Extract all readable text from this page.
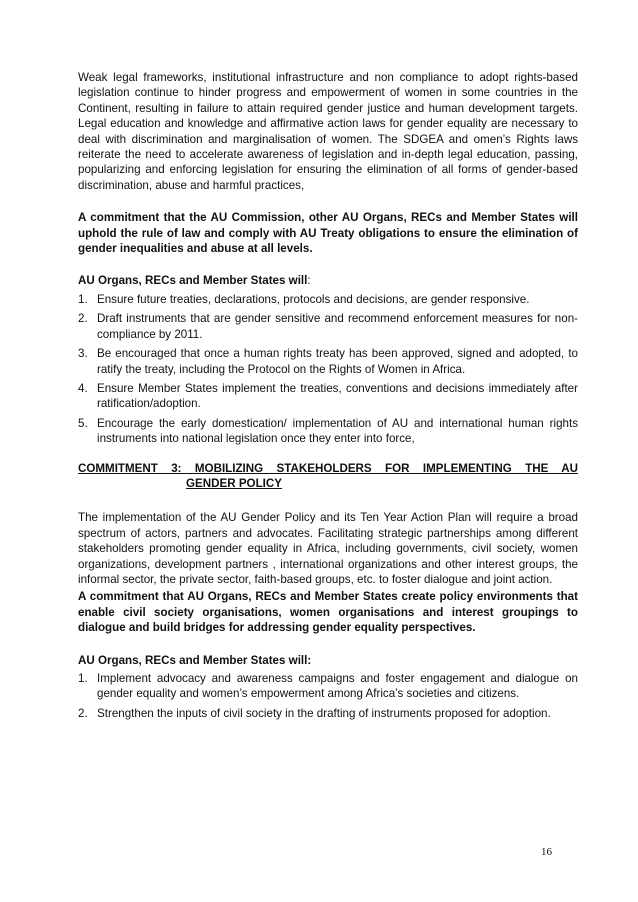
Weak legal frameworks, institutional infrastructure and non compliance to adopt rights-based legislation continue to hinder progress and empowerment of women in some countries in the Continent, resulting in failure to attain required gender justice and human development targets. Legal education and knowledge and affirmative action laws for gender equality are necessary to deal with discrimination and marginalisation of women. The SDGEA and omen’s Rights laws reiterate the need to accelerate awareness of legislation and in-depth legal education, passing, popularizing and enforcing legislation for ensuring the elimination of all forms of gender-based discrimination, abuse and harmful practices,

A commitment that the AU Commission, other AU Organs, RECs and Member States will uphold the rule of law and comply with AU Treaty obligations to ensure the elimination of gender inequalities and abuse at all levels.

AU Organs, RECs and Member States will:

1. Ensure future treaties, declarations, protocols and decisions, are gender responsive.
2. Draft instruments that are gender sensitive and recommend enforcement measures for non-compliance by 2011.
3. Be encouraged that once a human rights treaty has been approved, signed and adopted, to ratify the treaty, including the Protocol on the Rights of Women in Africa.
4. Ensure Member States implement the treaties, conventions and decisions immediately after ratification/adoption.
5. Encourage the early domestication/ implementation of AU and international human rights instruments into national legislation once they enter into force,
COMMITMENT 3: MOBILIZING STAKEHOLDERS FOR IMPLEMENTING THE AU
GENDER POLICY

The implementation of the AU Gender Policy and its Ten Year Action Plan will require a broad spectrum of actors, partners and advocates. Facilitating strategic partnerships among different stakeholders promoting gender equality in Africa, including governments, civil society, women organizations, development partners , international organizations and other interest groups, the informal sector, the private sector, faith-based groups, etc. to foster dialogue and joint action.

A commitment that AU Organs, RECs and Member States create policy environments that enable civil society organisations, women organisations and interest groupings to dialogue and build bridges for addressing gender equality perspectives.

AU Organs, RECs and Member States will:

1. Implement advocacy and awareness campaigns and foster engagement and dialogue on gender equality and women’s empowerment among Africa’s societies and citizens.
2. Strengthen the inputs of civil society in the drafting of instruments proposed for adoption.
16
